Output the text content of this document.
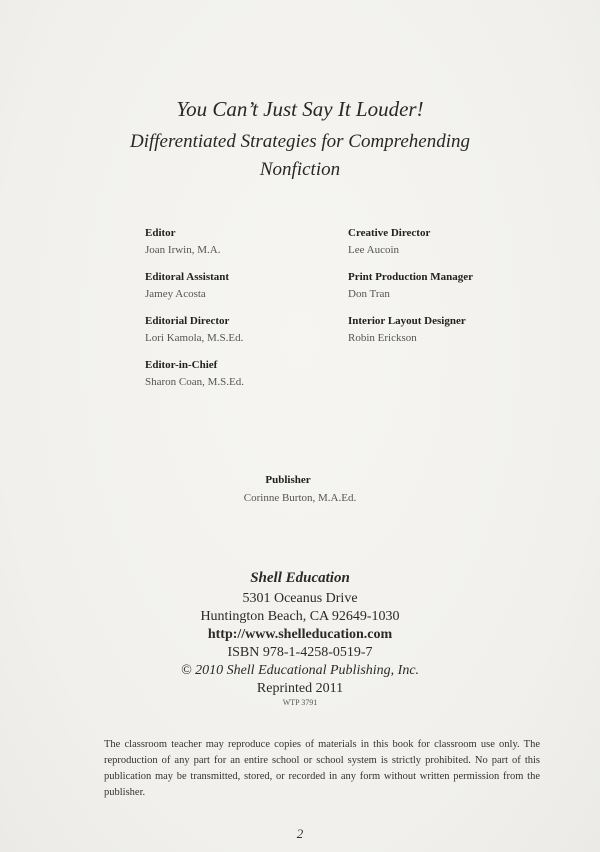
You Can’t Just Say It Louder!
Differentiated Strategies for Comprehending
Nonfiction
Editor
Joan Irwin, M.A.
Editoral Assistant
Jamey Acosta
Editorial Director
Lori Kamola, M.S.Ed.
Editor-in-Chief
Sharon Coan, M.S.Ed.
Creative Director
Lee Aucoin
Print Production Manager
Don Tran
Interior Layout Designer
Robin Erickson
Publisher
Corinne Burton, M.A.Ed.
Shell Education
5301 Oceanus Drive
Huntington Beach, CA 92649-1030
http://www.shelleducation.com
ISBN 978-1-4258-0519-7
© 2010 Shell Educational Publishing, Inc.
Reprinted 2011
WTP 3791
The classroom teacher may reproduce copies of materials in this book for classroom use only. The reproduction of any part for an entire school or school system is strictly prohibited. No part of this publication may be transmitted, stored, or recorded in any form without written permission from the publisher.
2
